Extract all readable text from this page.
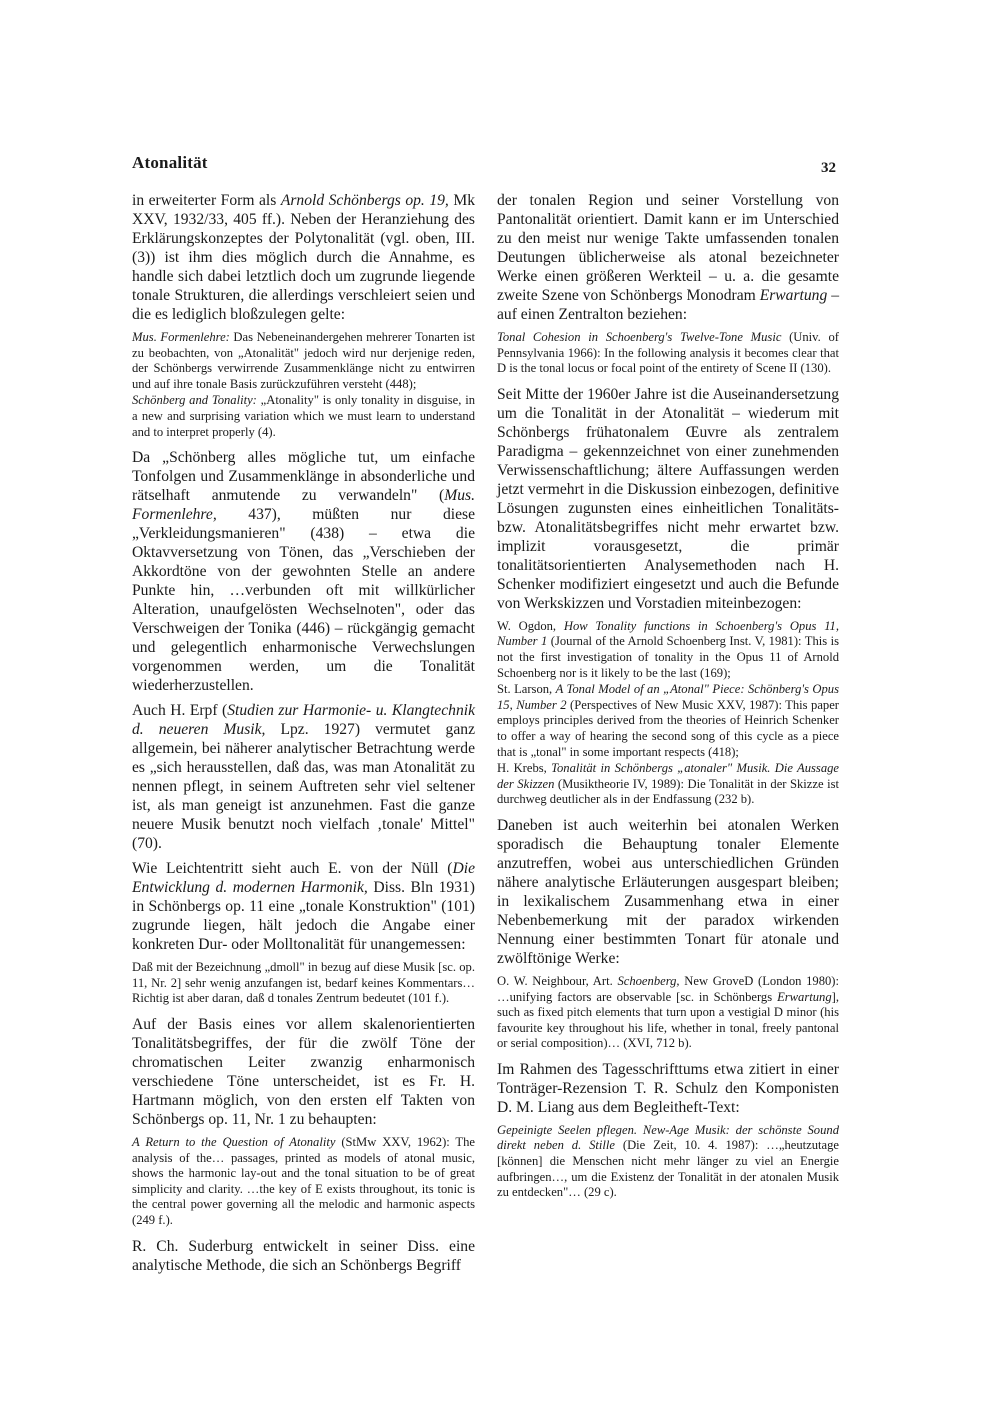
Atonalität	32

in erweiterter Form als Arnold Schönbergs op. 19, Mk XXV, 1932/33, 405 ff.). Neben der Heranziehung des Erklärungskonzeptes der Polytonalität (vgl. oben, III. (3)) ist ihm dies möglich durch die Annahme, es handle sich dabei letztlich doch um zugrunde liegende tonale Strukturen, die allerdings verschleiert seien und die es lediglich bloßzulegen gelte:

Mus. Formenlehre: Das Nebeneinandergehen mehrerer Tonarten ist zu beobachten, von „Atonalität" jedoch wird nur derjenige reden, der Schönbergs verwirrende Zusammenklänge nicht zu entwirren und auf ihre tonale Basis zurückzuführen versteht (448);

Schönberg and Tonality: „Atonality" is only tonality in disguise, in a new and surprising variation which we must learn to understand and to interpret properly (4).

Da „Schönberg alles mögliche tut, um einfache Tonfolgen und Zusammenklänge in absonderliche und rätselhaft anmutende zu verwandeln" (Mus. Formenlehre, 437), müßten nur diese „Verkleidungsmanieren" (438) – etwa die Oktavversetzung von Tönen, das „Verschieben der Akkordtöne von der gewohnten Stelle an andere Punkte hin, …verbunden oft mit willkürlicher Alteration, unaufgelösten Wechselnoten", oder das Verschweigen der Tonika (446) – rückgängig gemacht und gelegentlich enharmonische Verwechslungen vorgenommen werden, um die Tonalität wiederherzustellen.

Auch H. Erpf (Studien zur Harmonie- u. Klangtechnik d. neueren Musik, Lpz. 1927) vermutet ganz allgemein, bei näherer analytischer Betrachtung werde es „sich herausstellen, daß das, was man Atonalität zu nennen pflegt, in seinem Auftreten sehr viel seltener ist, als man geneigt ist anzunehmen. Fast die ganze neuere Musik benutzt noch vielfach ‚tonale' Mittel" (70).

Wie Leichtentritt sieht auch E. von der Nüll (Die Entwicklung d. modernen Harmonik, Diss. Bln 1931) in Schönbergs op. 11 eine „tonale Konstruktion" (101) zugrunde liegen, hält jedoch die Angabe einer konkreten Dur- oder Molltonalität für unangemessen:

Daß mit der Bezeichnung „dmoll" in bezug auf diese Musik [sc. op. 11, Nr. 2] sehr wenig anzufangen ist, bedarf keines Kommentars… Richtig ist aber daran, daß d tonales Zentrum bedeutet (101 f.).

Auf der Basis eines vor allem skalenorientierten Tonalitätsbegriffes, der für die zwölf Töne der chromatischen Leiter zwanzig enharmonisch verschiedene Töne unterscheidet, ist es Fr. H. Hartmann möglich, von den ersten elf Takten von Schönbergs op. 11, Nr. 1 zu behaupten:

A Return to the Question of Atonality (StMw XXV, 1962): The analysis of the… passages, printed as models of atonal music, shows the harmonic lay-out and the tonal situation to be of great simplicity and clarity. …the key of E exists throughout, its tonic is the central power governing all the melodic and harmonic aspects (249 f.).

R. Ch. Suderburg entwickelt in seiner Diss. eine analytische Methode, die sich an Schönbergs Begriff

der tonalen Region und seiner Vorstellung von Pantonalität orientiert. Damit kann er im Unterschied zu den meist nur wenige Takte umfassenden tonalen Deutungen üblicherweise als atonal bezeichneter Werke einen größeren Werkteil – u. a. die gesamte zweite Szene von Schönbergs Monodram Erwartung – auf einen Zentralton beziehen:

Tonal Cohesion in Schoenberg's Twelve-Tone Music (Univ. of Pennsylvania 1966): In the following analysis it becomes clear that D is the tonal locus or focal point of the entirety of Scene II (130).

Seit Mitte der 1960er Jahre ist die Auseinandersetzung um die Tonalität in der Atonalität – wiederum mit Schönbergs frühatonalem Œuvre als zentralem Paradigma – gekennzeichnet von einer zunehmenden Verwissenschaftlichung; ältere Auffassungen werden jetzt vermehrt in die Diskussion einbezogen, definitive Lösungen zugunsten eines einheitlichen Tonalitäts- bzw. Atonalitätsbegriffes nicht mehr erwartet bzw. implizit vorausgesetzt, die primär tonalitätsorientierten Analysemethoden nach H. Schenker modifiziert eingesetzt und auch die Befunde von Werkskizzen und Vorstadien miteinbezogen:

W. Ogdon, How Tonality functions in Schoenberg's Opus 11, Number 1 (Journal of the Arnold Schoenberg Inst. V, 1981): This is not the first investigation of tonality in the Opus 11 of Arnold Schoenberg nor is it likely to be the last (169);

St. Larson, A Tonal Model of an „Atonal" Piece: Schönberg's Opus 15, Number 2 (Perspectives of New Music XXV, 1987): This paper employs principles derived from the theories of Heinrich Schenker to offer a way of hearing the second song of this cycle as a piece that is „tonal" in some important respects (418);

H. Krebs, Tonalität in Schönbergs „atonaler" Musik. Die Aussage der Skizzen (Musiktheorie IV, 1989): Die Tonalität in der Skizze ist durchweg deutlicher als in der Endfassung (232 b).

Daneben ist auch weiterhin bei atonalen Werken sporadisch die Behauptung tonaler Elemente anzutreffen, wobei aus unterschiedlichen Gründen nähere analytische Erläuterungen ausgespart bleiben; in lexikalischem Zusammenhang etwa in einer Nebenbemerkung mit der paradox wirkenden Nennung einer bestimmten Tonart für atonale und zwölftönige Werke:

O. W. Neighbour, Art. Schoenberg, New GroveD (London 1980): …unifying factors are observable [sc. in Schönbergs Erwartung], such as fixed pitch elements that turn upon a vestigial D minor (his favourite key throughout his life, whether in tonal, freely pantonal or serial composition)… (XVI, 712 b).

Im Rahmen des Tagesschrifttums etwa zitiert in einer Tonträger-Rezension T. R. Schulz den Komponisten D. M. Liang aus dem Begleitheft-Text:

Gepeinigte Seelen pflegen. New-Age Musik: der schönste Sound direkt neben d. Stille (Die Zeit, 10. 4. 1987): …„heutzutage [können] die Menschen nicht mehr länger zu viel an Energie aufbringen…, um die Existenz der Tonalität in der atonalen Musik zu entdecken"… (29 c).
